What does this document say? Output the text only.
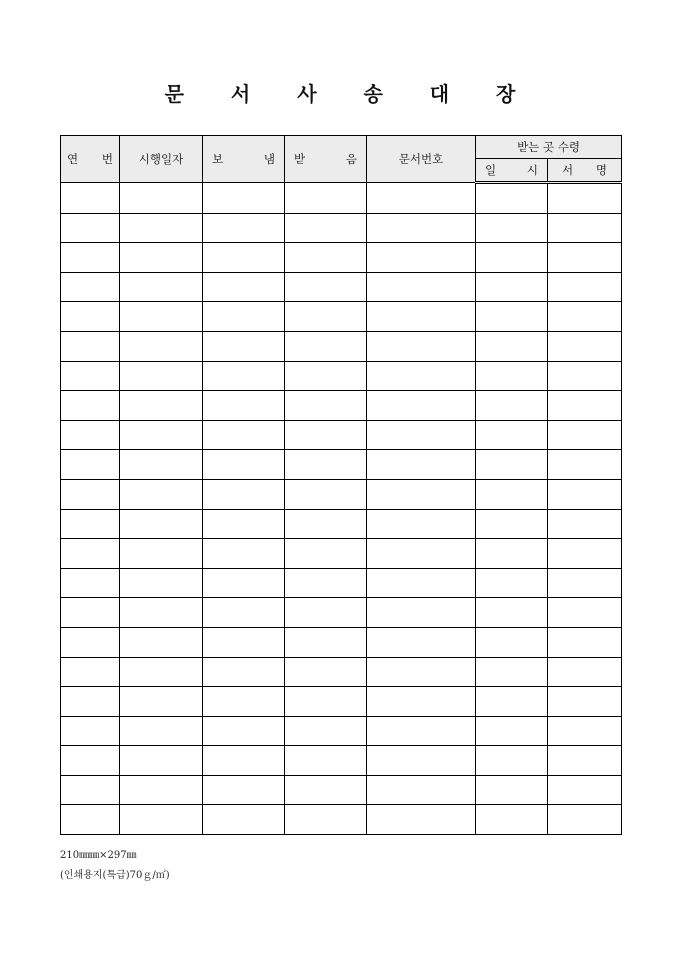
문 서 사 송 대 장
연 번	시행일자	보 냄	받 음	문서번호	받는 곳 수령	

					일 시	서 명

210㎜㎜×297㎜
(인쇄용지(특급)70ｇ/㎡)
